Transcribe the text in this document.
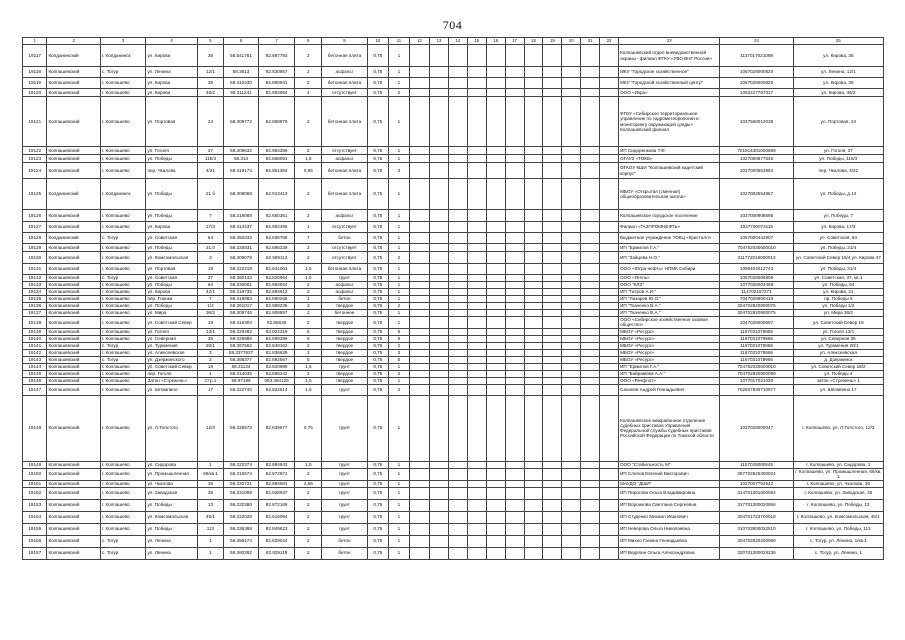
704
1	2	3	4	5	6	7	8	9	10	11	12	13	14	15	16	17	18	19	20	21	22	23	24	25
19117	Колданинский	г. Колданинск	ул. Кирова	36	58.541761	82.897793	2	бетонная плита	0,75	1												Колпашевский отдел вневедомственной охраны - филиал ФГКУ «УВО ВНГ России»	1137017021098	ул. Кирова, 36
19118	Колпашевский	с. Тогур	ул. Ленина	12/1	58.3613	82.830867	2	асфальт	0,75	1												МКУ "Городское хозяйственное"	1067028000820	ул. Ленина, 12/1
19119	Колпашевский	г. Колпашево	ул. Кирова	36	58.310430	82.890941	2	бетонная плита	0,75	1												МКУ "Городской хозяйственный центр"	1067028000820	ул. Кирова, 36
19120	Колпашевский	г. Колпашево	ул. Кирова	46/2	58.311241	82.902694	4	отсутствует	0,75	2												ООО «Икра»	1082227767017	ул. Кирова, 46/2
19121	Колпашевский	г. Колпашево	ул. Портовая	24	58.309772	82.868879	2	бетонная плита	0,75	1												ФГБУ «Сибирское территориальное управление по гидрометеорологии и мониторингу окружающей среды» Колпашевский филиал	1037550012039	ул. Портовая, 24
19122	Колпашевский	г. Колпашево	ул. Гоголя	37	58.309632	82.964399	2	отсутствует	0,75	1												ИП Сидоренкова Т.Ф.	701914301000699	ул. Гоголя, 37
19123	Колпашевский	г. Колпашево	ул. Победы	115/3	58.314	82.868091	1,5	асфальт	0,75	1												ОГАУЗ «ТОКБ»	1027000877546	ул. Победы, 115/3
19124	Колпашевский	г. Колпашево	пер. Чкалова	4/31	58.319174	82.851384	0,85	бетонная плита	0,75	3												ОГКОУ КШИ "Колпашевский кадетский корпус"	1037000553994	пер. Чкалова, 4/31
19125	Колданинский	г. Колданинск	ул. Победы	21 б	58.308068	82.913413	2	бетонная плита	0,75	1												МБОУ «Открытая (сменная) общеобразовательная школа»	1027002554967	ул. Победы, д.14
19126	Колпашевский	г. Колпашево	ул. Победы	7	58.318068	82.660361	2	асфальт	0,75	1												Колпашевское городское поселение	1027000908695	ул. Победы, 7
19127	Колпашевский	г. Колпашево	ул. Кирова	17/3	58.313437	82.902495	1	отсутствует	0,75	1												Филиал «ГАЗПРОМНЕФТЬ»	1027700073115	ул. Кирова, 17/3
19128	Колданинский	с. Тогур	ул. Советская	64	58.350333	82.836768	7	бетон	0,75	1												Бюджетное учреждение ТОКЦ «Кристалл»	1057000442907	ул. Советская, 64
19129	Колпашевский	г. Колпашево	ул. Победы	21,0	58.326831	82.895339	2	отсутствует	0,75	1												ИП "Ермилов Г.А."	704752030600010	ул. Победы, 21/4
19130	Колпашевский	г. Колпашево	ул. Комсомольская	3	58.309078	82.589113	2	отсутствует	0,75	2												ИП "Зайцева Н.О."	311772016000013	ул. Советский Север 16/4 ул. Кирова 47
19131	Колпашевский	г. Колпашево	ул. Портовая	19	58.322219	82.641061	1,5	бетонная плита	0,75	1												ООО «Югра-нефть» НПМК Сибири	1095404012743	ул. Победы, 21/4
19132	Колпашевский	с. Тогур	ул. Советская	37	58.360143	82.820964	1,5	грунт	0,75	1												ООО «Ягель»	1067028006805	ул. Советская, 37, кв.1
19133	Колпашевский	г. Колпашево	ул. Победы	64	58.336061	82.864924	2	асфальт	0,75	1												ООО "КЛЗ"	1077028003468	ул. Победы, 64
19134	Колпашевский	г. Колпашево	ул. Кирова	42/1	58.316735	82.894613	2	асфальт	0,75	1												ИП "Гитров А.И."	114702167271	ул. Кирова, 21
19135	Колпашевский	г. Колпашево	пер. Глинки	7	58.319853	82.890268	1	бетон	0,75	1												ИП "Лазарев Ю.О."	7047028900416	пр. Победы 6
19136	Колпашевский	г. Колпашево	ул. Победы	1/2	58.361017	82.998235	3	твердое	0,75	2												ИП "Ткаченко В.А."	304702820900075	ул. Победы 1/2
19137	Колпашевский	г. Колпашево	ул. Мира	36/2	58.309746	82.908897	2	бетонное	0,75	1												ИП "Ткаченко В.А."	304702820900075	ул. Мира 36/2
19138	Колпашевский	г. Колпашево	ул. Советский Север	18	58.316304	82.85636	2	твердое	0,75	1												ООО «Сибирское хозяйственное газовое общество»	1047028000697	ул. Советский Север 18
19139	Колпашевский	г. Колпашево	ул. Гоголя	13/1	58.320482	83.022319	6	твердое	0,75	6												МБОУ «Ресурс»	1167031079956	ул. Гоголя 13/1
19140	Колпашевский	г. Колпашево	ул. Северная	35	58.329986	82.899399	6	твердое	0,75	6												МБОУ «Ресурс»	1167031079956	ул. Северная 35
19141	Колпашевский	с. Тогур	ул. Туркмения	20/1	58.367582	82.849162	2	твердое	0,75	2												МБОУ «Ресурс»	1167031079956	ул. Туркмения 20/1
19142	Колпашевский	г. Колпашево	ул. Алексеевская	3	58.3377637	82.836639	3	твердое	0,75	3												МБОУ «Ресурс»	1167031079956	ул. Алексеевская
19143	Колпашевский	с. Тогур	ул. Дзержинского	2	58.368377	82.892567	5	твердое	0,75	5												МБОУ «Ресурс»	1167031079956	д. Дзержинск
19144	Колпашевский	г. Колпашево	ул. Советский Север	18	58.31124	82.820989	1,5	грунт	0,75	1												ИП "Ермилов Г.А."	704752030600010	ул. Советский Север 18/2
19145	Колпашевский	г. Колпашево	пер. Гоголя	1	58.314035	82.895242	2	твердое	0,75	2												ИП "Байрамова А.А."	704702820900099	ул. Победы 4
19146	Колпашевский	г. Колпашево	Затон «Стрежень»	Стр.1	58.67189	063.384125	1,5	твердое	0,75	1												ООО «Речфлот»	1077017021020	затон «Стрежень» 1
19147	Колпашевский	г. Колпашево	ул. Шпомпино	17	58.322740	82.822514	1,5	грунт	0,75	2												Сахинов Андрей Геннадьевич	702607830710977	ул. Шпомпино 17
19148	Колпашевский	г. Колпашево	ул. Л.Толстого	12/3	58.326573	82.839677	0,75	грунт	0,75	1												Колпашевское межрайонное отделение судебных приставов Управления Федеральной службы судебных приставов Российской Федерации по Томской области	1037028000047	г. Колпашево, ул. Л.Толстого, 12/3
19149	Колпашевский	г. Колпашево	ул. Сидорова	1	58.322374	82.894843	1,5	грунт	0,75	1												ООО "Стабильность М"	1157028000845	г. Колпашево, ул. Сидорова, 1
19150	Колпашевский	г. Колпашево	ул. Промышленная	69/кв.1	58.316574	82.972871	2	грунт	0,75	1												ИП Слепов Евгений Викторович	307702825300024	г. Колпашево, ул. Промышленная, 69/кв. 1
19151	Колпашевский	г. Колпашево	ул. Чкалова	36	58.320721	82.884581	2,56	грунт	0,75	1												МАУДО "ДШИ"	1027007752542	г. Колпашево, ул. Чкалова, 36
19152	Колпашевский	г. Колпашево	ул. Заводская	35	58.331099	82.928937	2	грунт	0,75	1												ИП Пирогова Ольга Владимировна	314701301600082	г. Колпашево, ул. Заводская, 35
19153	Колпашевский	г. Колпашево	ул. Победы	13	58.332380	82.872169	2	грунт	0,75	1												ИП Воронкова Светлана Сергеевна	317701300020956	г. Колпашево, ул. Победы, 13
19154	Колпашевский	г. Колпашево	ул. Комсомольская	45/1	58.322028	82.616094	2	грунт	0,75	1												ИП Студенко Михаил Иванович	304701723700018	г. Колпашево, ул. Комсомольская, 45/1
19155	Колпашевский	г. Колпашево	ул. Победы	113	58.336388	82.849623	2	грунт	0,75	1												ИП Неверова Ольга Николаевна	310703800022510	г. Колпашево, ул. Победы, 113
19156	Колпашевский	с. Тогур	ул. Ленина	1	58.359174	82.829024	2	бетон	0,75	1												ИП Михно Галина Геннадьевна	304702820200069	с. Тогур, ул. Ленина, 1/кв.1
19157	Колпашевский	с. Тогур	ул. Ленина	1	58.360392	82.829119	2	бетон	0,75	1												ИП Ведяпин Ольга Александровна	320701300028236	с. Тогур, ул. Ленина, 1
